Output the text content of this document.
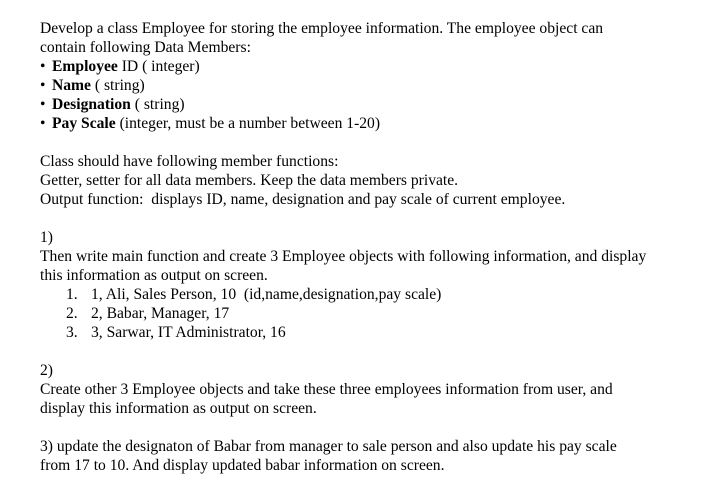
Develop a class Employee for storing the employee information. The employee object can
contain following Data Members:
• Employee ID ( integer)
• Name ( string)
• Designation ( string)
• Pay Scale (integer, must be a number between 1-20)
Class should have following member functions:
Getter, setter for all data members. Keep the data members private.
Output function:  displays ID, name, designation and pay scale of current employee.
1)
Then write main function and create 3 Employee objects with following information, and display
this information as output on screen.
1. 1, Ali, Sales Person, 10  (id,name,designation,pay scale)
2. 2, Babar, Manager, 17
3. 3, Sarwar, IT Administrator, 16
2)
Create other 3 Employee objects and take these three employees information from user, and
display this information as output on screen.
3) update the designaton of Babar from manager to sale person and also update his pay scale
from 17 to 10. And display updated babar information on screen.
